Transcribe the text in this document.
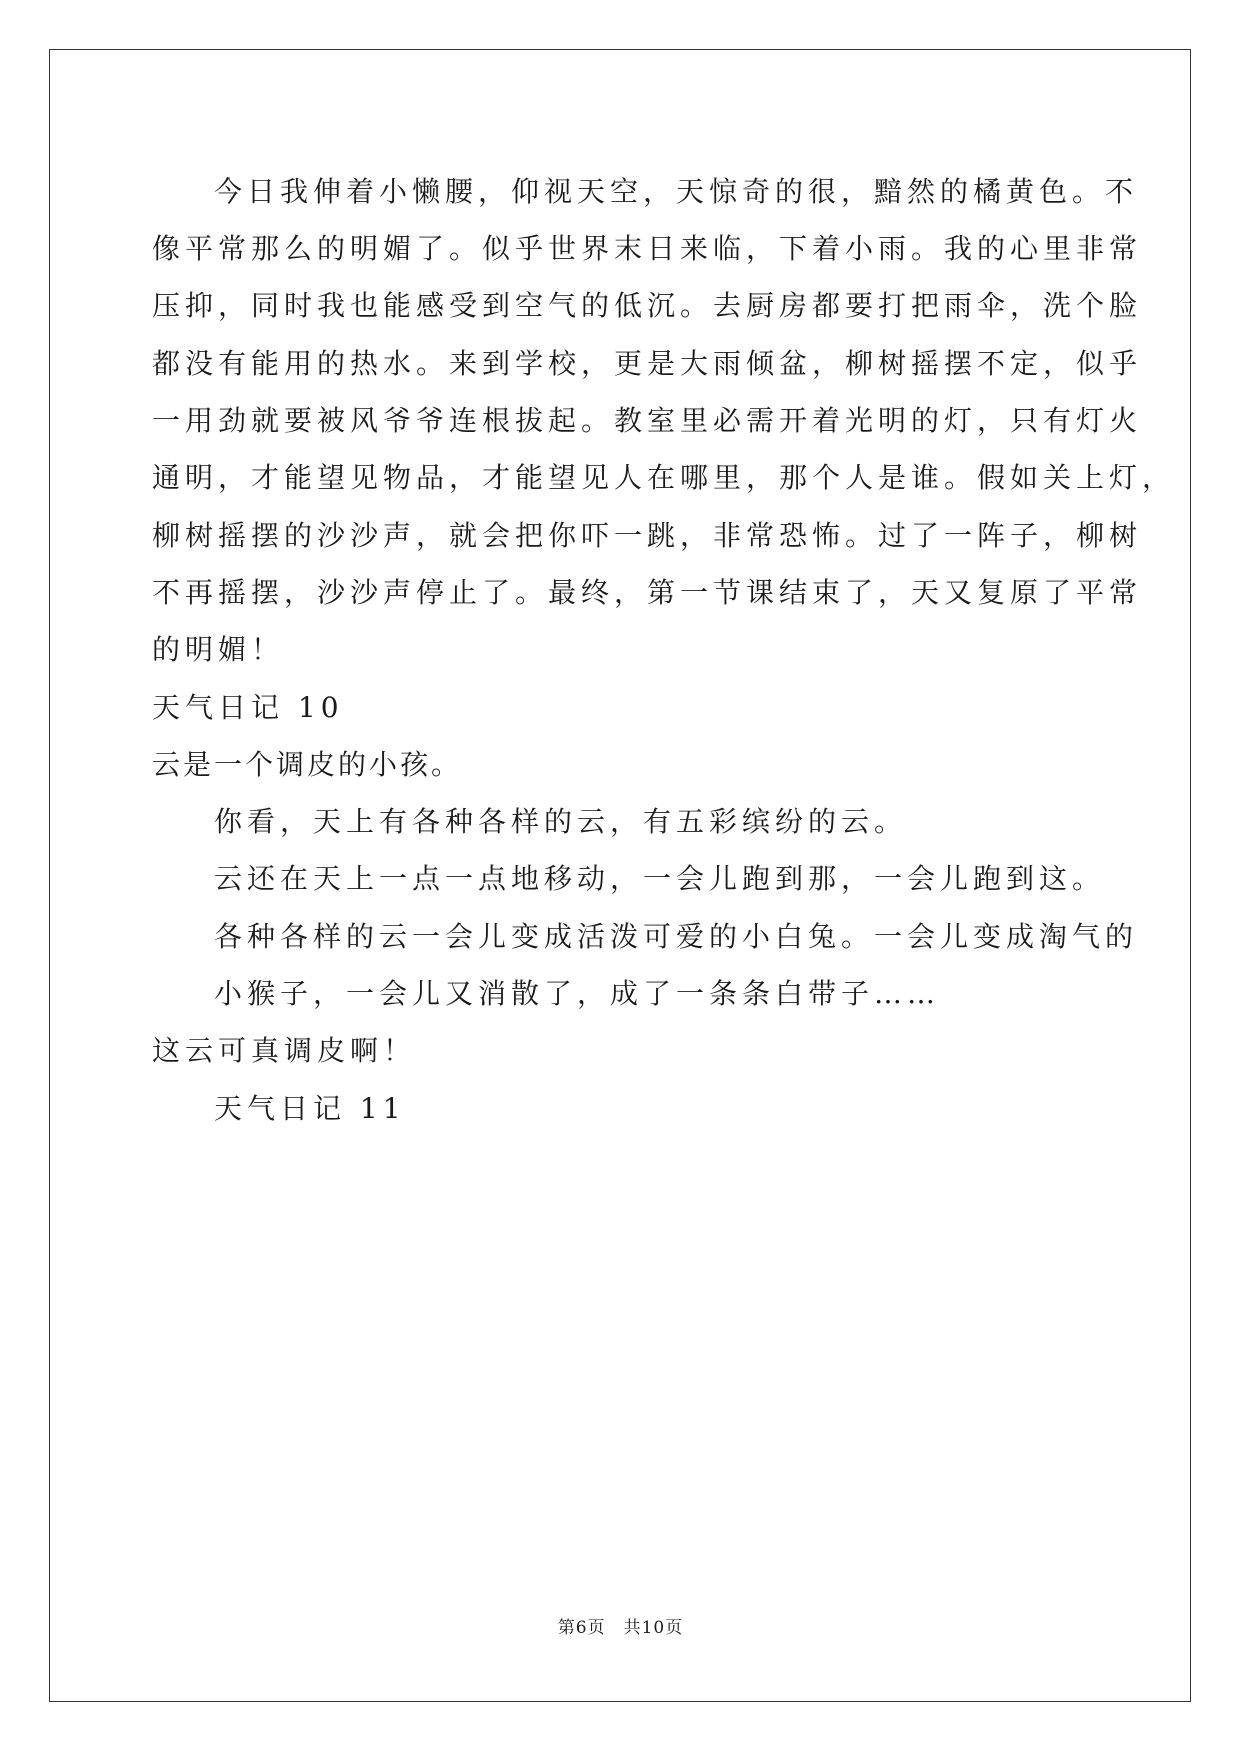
今日我伸着小懒腰，仰视天空，天惊奇的很，黯然的橘黄色。不
像平常那么的明媚了。似乎世界末日来临，下着小雨。我的心里非常
压抑，同时我也能感受到空气的低沉。去厨房都要打把雨伞，洗个脸
都没有能用的热水。来到学校，更是大雨倾盆，柳树摇摆不定，似乎
一用劲就要被风爷爷连根拔起。教室里必需开着光明的灯，只有灯火
通明，才能望见物品，才能望见人在哪里，那个人是谁。假如关上灯，
柳树摇摆的沙沙声，就会把你吓一跳，非常恐怖。过了一阵子，柳树
不再摇摆，沙沙声停止了。最终，第一节课结束了，天又复原了平常
的明媚！
天气日记 10
云是一个调皮的小孩。
你看，天上有各种各样的云，有五彩缤纷的云。
云还在天上一点一点地移动，一会儿跑到那，一会儿跑到这。
各种各样的云一会儿变成活泼可爱的小白兔。一会儿变成淘气的
小猴子，一会儿又消散了，成了一条条白带子……
这云可真调皮啊！
天气日记 11
第6页 共10页
